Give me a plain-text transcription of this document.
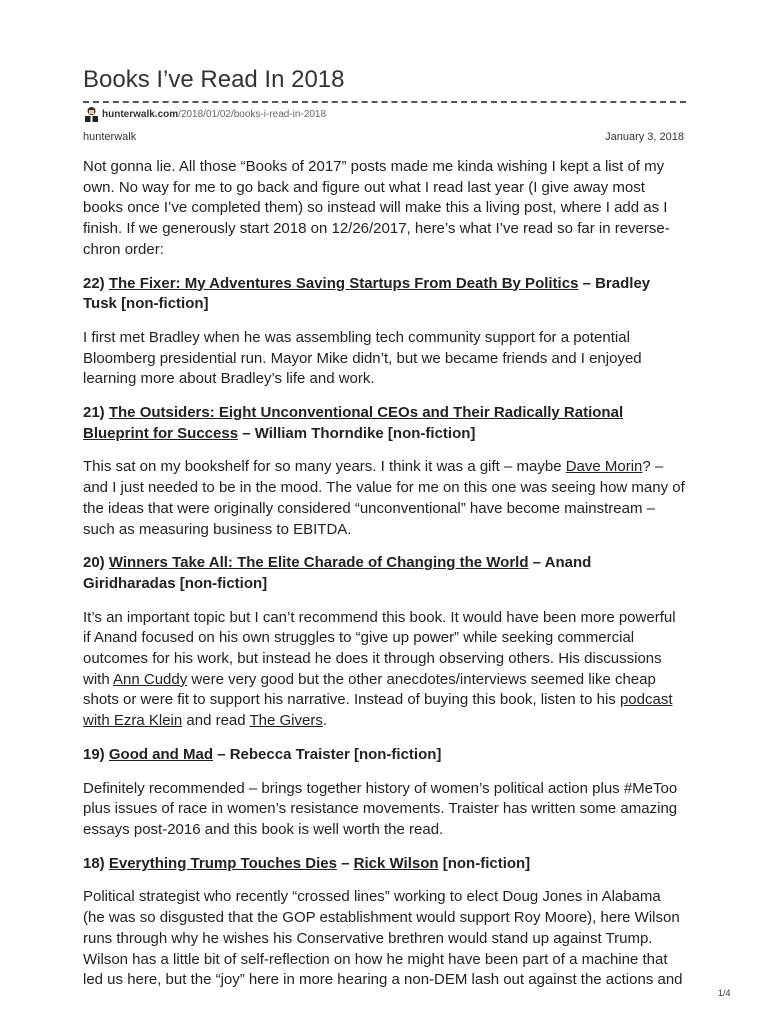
Books I’ve Read In 2018
hunterwalk.com/2018/01/02/books-i-read-in-2018
hunterwalk	January 3, 2018

Not gonna lie. All those “Books of 2017” posts made me kinda wishing I kept a list of my own. No way for me to go back and figure out what I read last year (I give away most books once I’ve completed them) so instead will make this a living post, where I add as I finish. If we generously start 2018 on 12/26/2017, here’s what I’ve read so far in reverse-chron order:

22) The Fixer: My Adventures Saving Startups From Death By Politics – Bradley Tusk [non-fiction]

I first met Bradley when he was assembling tech community support for a potential Bloomberg presidential run. Mayor Mike didn’t, but we became friends and I enjoyed learning more about Bradley’s life and work.

21) The Outsiders: Eight Unconventional CEOs and Their Radically Rational Blueprint for Success – William Thorndike [non-fiction]

This sat on my bookshelf for so many years. I think it was a gift – maybe Dave Morin? – and I just needed to be in the mood. The value for me on this one was seeing how many of the ideas that were originally considered “unconventional” have become mainstream – such as measuring business to EBITDA.

20) Winners Take All: The Elite Charade of Changing the World – Anand Giridharadas [non-fiction]

It’s an important topic but I can’t recommend this book. It would have been more powerful if Anand focused on his own struggles to “give up power” while seeking commercial outcomes for his work, but instead he does it through observing others. His discussions with Ann Cuddy were very good but the other anecdotes/interviews seemed like cheap shots or were fit to support his narrative. Instead of buying this book, listen to his podcast with Ezra Klein and read The Givers.

19) Good and Mad – Rebecca Traister [non-fiction]

Definitely recommended – brings together history of women’s political action plus #MeToo plus issues of race in women’s resistance movements. Traister has written some amazing essays post-2016 and this book is well worth the read.

18) Everything Trump Touches Dies – Rick Wilson [non-fiction]

Political strategist who recently “crossed lines” working to elect Doug Jones in Alabama (he was so disgusted that the GOP establishment would support Roy Moore), here Wilson runs through why he wishes his Conservative brethren would stand up against Trump. Wilson has a little bit of self-reflection on how he might have been part of a machine that led us here, but the “joy” here in more hearing a non-DEM lash out against the actions and

1/4
